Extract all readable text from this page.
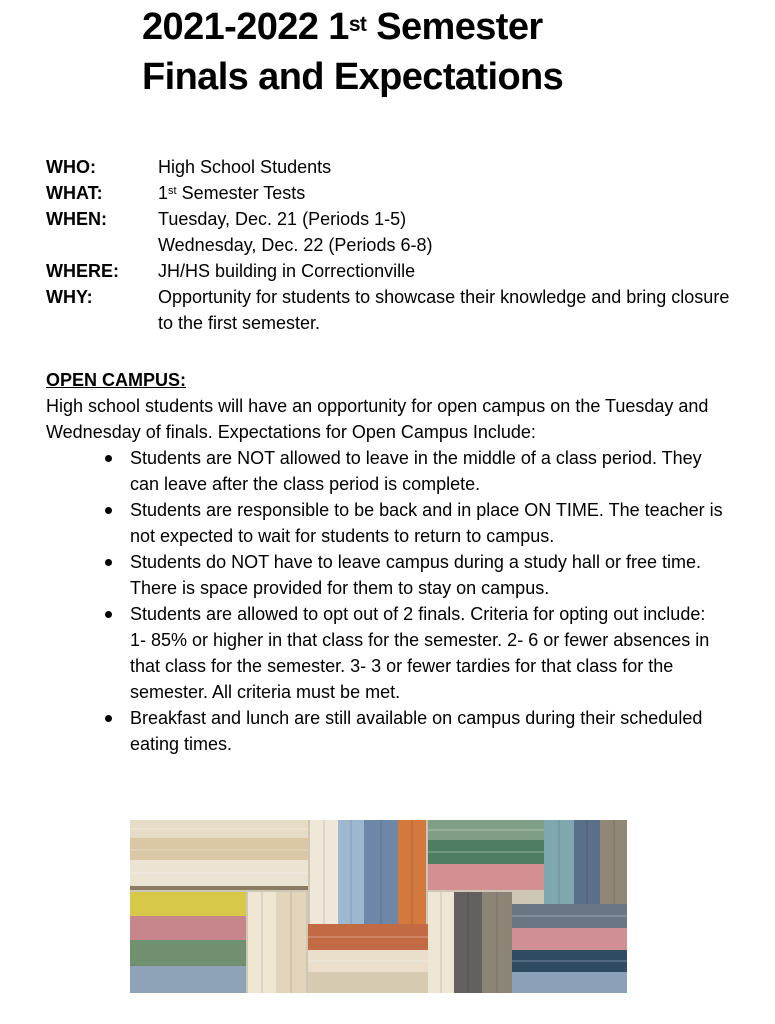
2021-2022 1st Semester
Finals and Expectations
WHO:	High School Students
WHAT:	1st Semester Tests
WHEN:	Tuesday, Dec. 21 (Periods 1-5)
Wednesday, Dec. 22 (Periods 6-8)
WHERE:	JH/HS building in Correctionville
WHY:	Opportunity for students to showcase their knowledge and bring closure to the first semester.
OPEN CAMPUS:
High school students will have an opportunity for open campus on the Tuesday and Wednesday of finals. Expectations for Open Campus Include:
Students are NOT allowed to leave in the middle of a class period. They can leave after the class period is complete.
Students are responsible to be back and in place ON TIME. The teacher is not expected to wait for students to return to campus.
Students do NOT have to leave campus during a study hall or free time. There is space provided for them to stay on campus.
Students are allowed to opt out of 2 finals. Criteria for opting out include: 1- 85% or higher in that class for the semester. 2- 6 or fewer absences in that class for the semester. 3- 3 or fewer tardies for that class for the semester. All criteria must be met.
Breakfast and lunch are still available on campus during their scheduled eating times.
